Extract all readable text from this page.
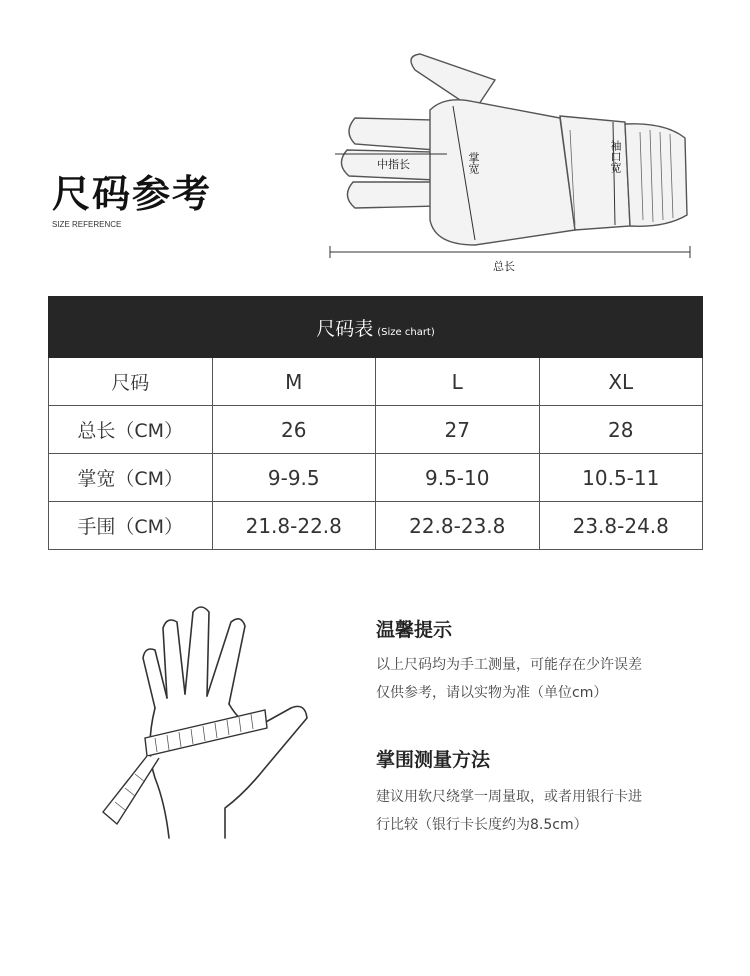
尺码参考
SIZE REFERENCE
中指长	掌宽	袖口宽
总长
尺码表 (Size chart)			
尺码	M	L	XL
总长（CM）	26	27	28
掌宽（CM）	9-9.5	9.5-10	10.5-11
手围（CM）	21.8-22.8	22.8-23.8	23.8-24.8
温馨提示
以上尺码均为手工测量，可能存在少许误差
仅供参考，请以实物为准（单位cm）
掌围测量方法
建议用软尺绕掌一周量取，或者用银行卡进
行比较（银行卡长度约为8.5cm）
